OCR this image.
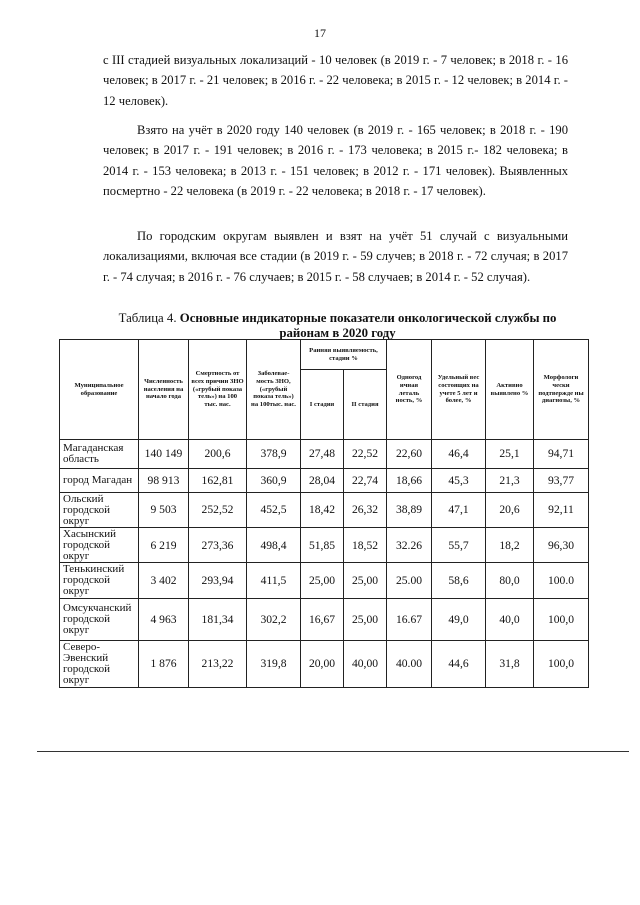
17

с III стадией визуальных локализаций - 10 человек (в 2019 г. - 7 человек; в 2018 г. - 16 человек; в 2017 г. - 21 человек; в 2016 г. - 22 человека; в 2015 г. - 12 человек; в 2014 г. - 12 человек).

Взято на учёт в 2020 году 140 человек (в 2019 г. - 165 человек; в 2018 г. - 190 человек; в 2017 г. - 191 человек; в 2016 г. - 173 человека; в 2015 г.- 182 человека; в 2014 г. - 153 человека; в 2013 г. - 151 человек; в 2012 г. - 171 человек). Выявленных посмертно - 22 человека (в 2019 г. - 22 человека; в 2018 г. - 17 человек).

По городским округам выявлен и взят на учёт 51 случай с визуальными локализациями, включая все стадии (в 2019 г. - 59 случев; в 2018 г. - 72 случая; в 2017 г. - 74 случая; в 2016 г. - 76 случаев; в 2015 г. - 58 случаев; в 2014 г. - 52 случая).

Таблица 4. Основные индикаторные показатели онкологической службы по районам в 2020 году
Муниципальное образование	Численность населения на начало года	Смертность от всех причин ЗНО («грубый показа тель») на 100 тыс. нас.	Заболевае-мость ЗНО, («грубый показа тель») на 100тыс. нас.	Ранняя выявляемость, стадии %		Одногод ичная леталь ность, %	Удельный вес состоящих на учете 5 лет и более, %	Активно выявлено %	Морфологи чески подтвержде ны диагнозы, %
				I стадия	II стадия				
Магаданская область	140 149	200,6	378,9	27,48	22,52	22,60	46,4	25,1	94,71
город Магадан	98 913	162,81	360,9	28,04	22,74	18,66	45,3	21,3	93,77
Ольский городской округ	9 503	252,52	452,5	18,42	26,32	38,89	47,1	20,6	92,11
Хасынский городской округ	6 219	273,36	498,4	51,85	18,52	32.26	55,7	18,2	96,30
Тенькинский городской округ	3 402	293,94	411,5	25,00	25,00	25.00	58,6	80,0	100.0
Омсукчанский городской округ	4 963	181,34	302,2	16,67	25,00	16.67	49,0	40,0	100,0
Северо-Эвенский городской округ	1 876	213,22	319,8	20,00	40,00	40.00	44,6	31,8	100,0
